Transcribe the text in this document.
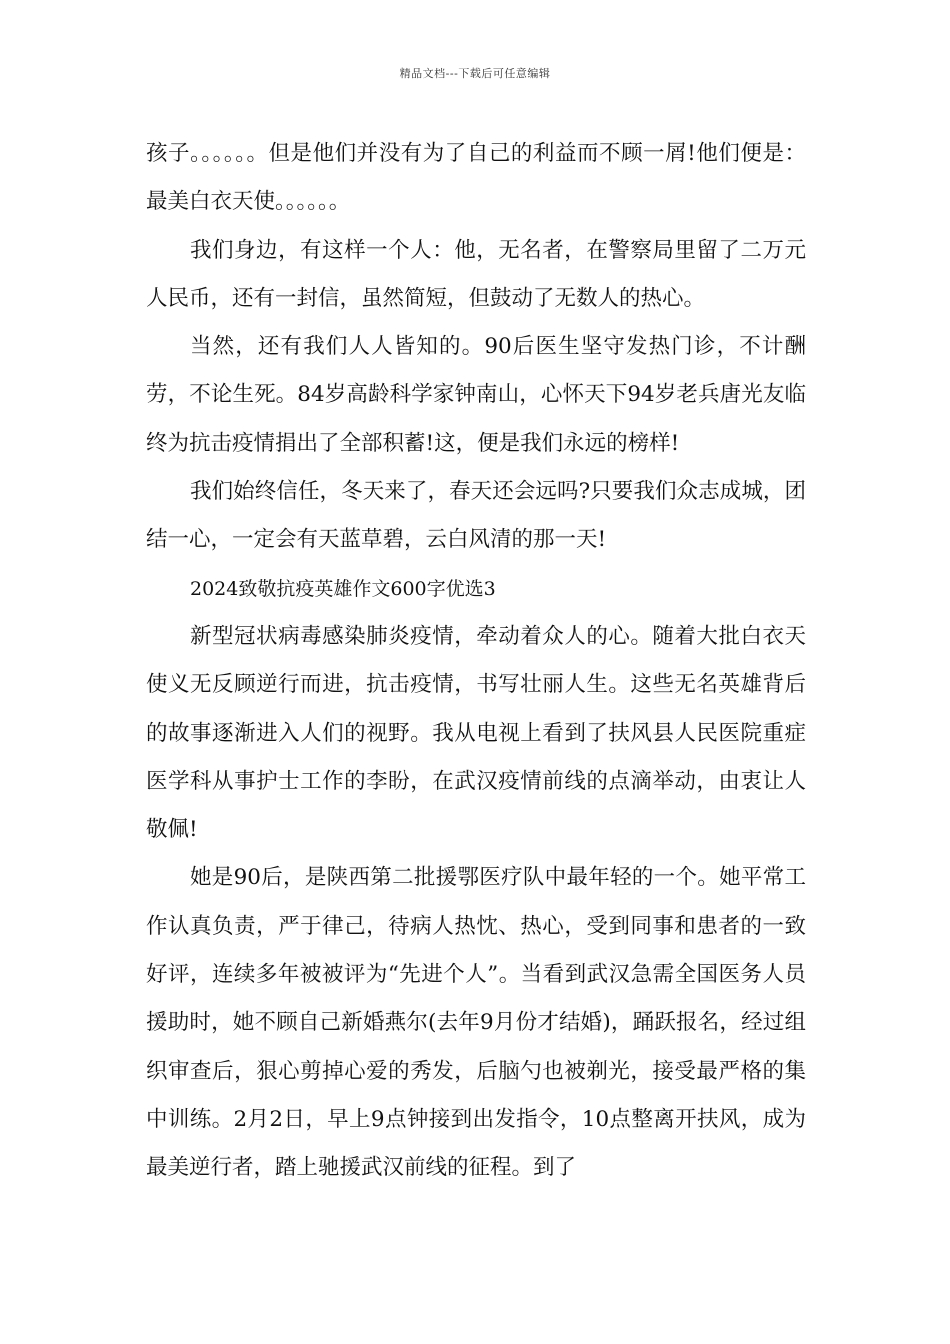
精品文档---下载后可任意编辑

孩子。。。。。。但是他们并没有为了自己的利益而不顾一屑!他们便是：最美白衣天使。。。。。。

我们身边，有这样一个人：他，无名者，在警察局里留了二万元人民币，还有一封信，虽然简短，但鼓动了无数人的热心。

当然，还有我们人人皆知的。90后医生坚守发热门诊，不计酬劳，不论生死。84岁高龄科学家钟南山，心怀天下94岁老兵唐光友临终为抗击疫情捐出了全部积蓄!这，便是我们永远的榜样!

我们始终信任，冬天来了，春天还会远吗?只要我们众志成城，团结一心，一定会有天蓝草碧，云白风清的那一天!

2024致敬抗疫英雄作文600字优选3

新型冠状病毒感染肺炎疫情，牵动着众人的心。随着大批白衣天使义无反顾逆行而进，抗击疫情，书写壮丽人生。这些无名英雄背后的故事逐渐进入人们的视野。我从电视上看到了扶风县人民医院重症医学科从事护士工作的李盼，在武汉疫情前线的点滴举动，由衷让人敬佩!

她是90后，是陕西第二批援鄂医疗队中最年轻的一个。她平常工作认真负责，严于律己，待病人热忱、热心，受到同事和患者的一致好评，连续多年被被评为“先进个人”。当看到武汉急需全国医务人员援助时，她不顾自己新婚燕尔(去年9月份才结婚)，踊跃报名，经过组织审查后，狠心剪掉心爱的秀发，后脑勺也被剃光，接受最严格的集中训练。2月2日，早上9点钟接到出发指令，10点整离开扶风，成为最美逆行者，踏上驰援武汉前线的征程。到了
